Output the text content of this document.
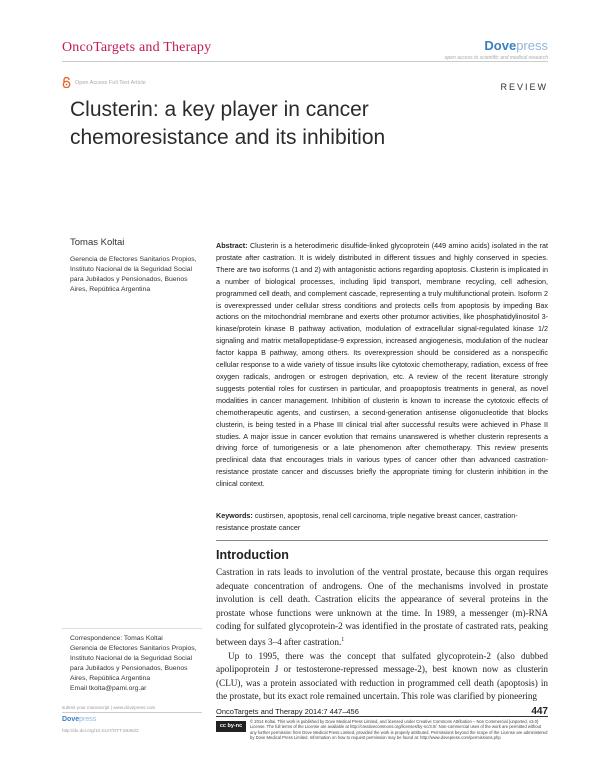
OncoTargets and Therapy	Dovepress
open access to scientific and medical research
Open Access Full Text Article	REVIEW
Clusterin: a key player in cancer chemoresistance and its inhibition
Tomas Koltai
Gerencia de Efectores Sanitarios Propios, Instituto Nacional de la Seguridad Social para Jubilados y Pensionados, Buenos Aires, República Argentina
Abstract: Clusterin is a heterodimeric disulfide-linked glycoprotein (449 amino acids) isolated in the rat prostate after castration. It is widely distributed in different tissues and highly conserved in species. There are two isoforms (1 and 2) with antagonistic actions regarding apoptosis. Clusterin is implicated in a number of biological processes, including lipid transport, membrane recycling, cell adhesion, programmed cell death, and complement cascade, representing a truly multifunctional protein. Isoform 2 is overexpressed under cellular stress conditions and protects cells from apoptosis by impeding Bax actions on the mitochondrial membrane and exerts other protumor activities, like phosphatidylinositol 3-kinase/protein kinase B pathway activation, modulation of extracellular signal-regulated kinase 1/2 signaling and matrix metallopeptidase-9 expression, increased angiogenesis, modulation of the nuclear factor kappa B pathway, among others. Its overexpression should be considered as a nonspecific cellular response to a wide variety of tissue insults like cytotoxic chemotherapy, radiation, excess of free oxygen radicals, androgen or estrogen deprivation, etc. A review of the recent literature strongly suggests potential roles for custirsen in particular, and proapoptosis treatments in general, as novel modalities in cancer management. Inhibition of clusterin is known to increase the cytotoxic effects of chemotherapeutic agents, and custirsen, a second-generation antisense oligonucleotide that blocks clusterin, is being tested in a Phase III clinical trial after successful results were achieved in Phase II studies. A major issue in cancer evolution that remains unanswered is whether clusterin represents a driving force of tumorigenesis or a late phenomenon after chemotherapy. This review presents preclinical data that encourages trials in various types of cancer other than advanced castration-resistance prostate cancer and discusses briefly the appropriate timing for clusterin inhibition in the clinical context.
Keywords: custirsen, apoptosis, renal cell carcinoma, triple negative breast cancer, castration-resistance prostate cancer
Introduction

Castration in rats leads to involution of the ventral prostate, because this organ requires adequate concentration of androgens. One of the mechanisms involved in prostate involution is cell death. Castration elicits the appearance of several proteins in the prostate whose functions were unknown at the time. In 1989, a messenger (m)-RNA coding for sulfated glycoprotein-2 was identified in the prostate of castrated rats, peaking between days 3–4 after castration.$^1$

Up to 1995, there was the concept that sulfated glycoprotein-2 (also dubbed apolipoprotein J or testosterone-repressed message-2), best known now as clusterin (CLU), was a protein associated with reduction in programmed cell death (apoptosis) in the prostate, but its exact role remained uncertain. This role was clarified by pioneering

Correspondence: Tomas Koltai
Gerencia de Efectores Sanitarios Propios, Instituto Nacional de la Seguridad Social para Jubilados y Pensionados, Buenos Aires, República Argentina
Email tkolta@pami.org.ar
submit your manuscript | www.dovepress.com
Dovepress
http://dx.doi.org/10.2147/OTT.S63622
OncoTargets and Therapy 2014:7 447–456	447
cc by-nc
© 2014 Koltai. This work is published by Dove Medical Press Limited, and licensed under Creative Commons Attribution – Non Commercial (unported, v3.0) License. The full terms of the License are available at http://creativecommons.org/licenses/by-nc/3.0/. Non-commercial uses of the work are permitted without any further permission from Dove Medical Press Limited, provided the work is properly attributed. Permissions beyond the scope of the License are administered by Dove Medical Press Limited. Information on how to request permission may be found at: http://www.dovepress.com/permissions.php
